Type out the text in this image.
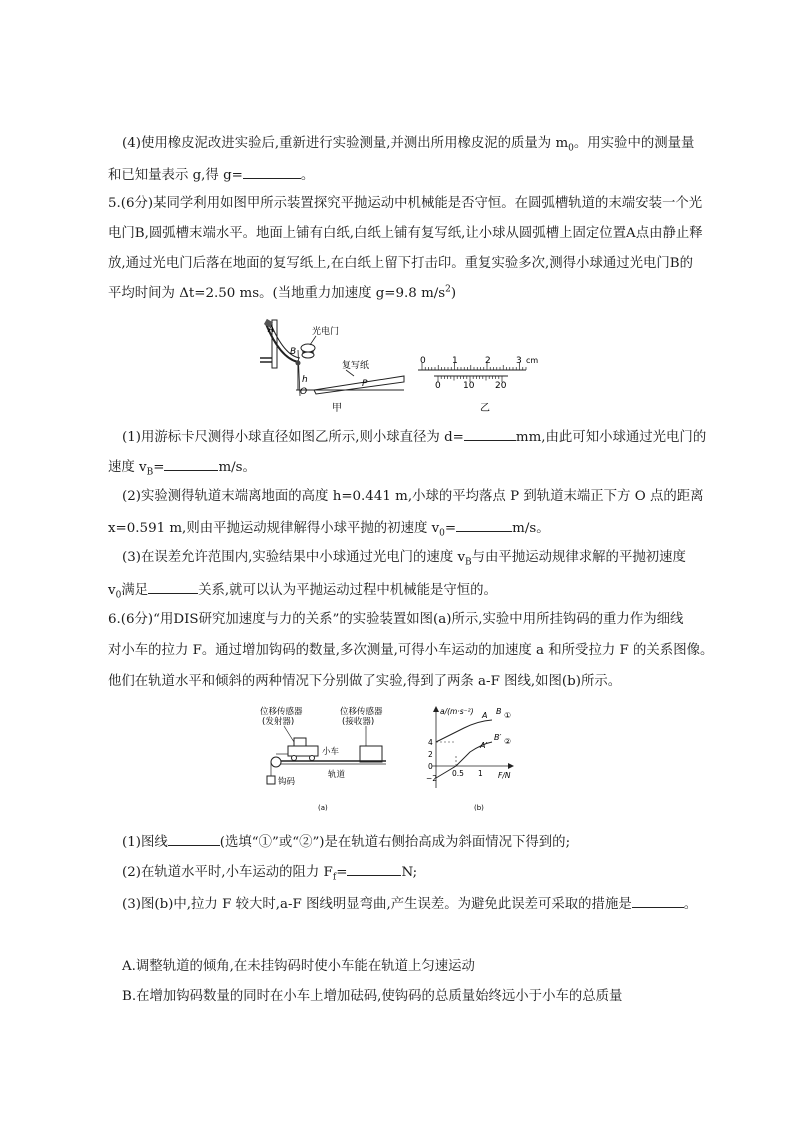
(4)使用橡皮泥改进实验后,重新进行实验测量,并测出所用橡皮泥的质量为 $m_0$。用实验中的测量量
和已知量表示 g,得 g=	。
5.(6分)某同学利用如图甲所示装置探究平抛运动中机械能是否守恒。在圆弧槽轨道的末端安装一个光
电门B,圆弧槽末端水平。地面上铺有白纸,白纸上铺有复写纸,让小球从圆弧槽上固定位置A点由静止释
放,通过光电门后落在地面的复写纸上,在白纸上留下打击印。重复实验多次,测得小球通过光电门B的
平均时间为 Δt=2.50 ms。(当地重力加速度 g=9.8 $m/s^2$)
A
B
h
O
P
光电门
复写纸
甲
0	1	2	3 cm
0 10 20
乙
(1)用游标卡尺测得小球直径如图乙所示,则小球直径为 d=	mm,由此可知小球通过光电门的
速度 $v_B=$	m/s。
(2)实验测得轨道末端离地面的高度 h=0.441 m,小球的平均落点 P 到轨道末端正下方 O 点的距离
x=0.591 m,则由平抛运动规律解得小球平抛的初速度 $v_0=$	m/s。
(3)在误差允许范围内,实验结果中小球通过光电门的速度 $v_B$与由平抛运动规律求解的平抛初速度
$v_0$满足	关系,就可以认为平抛运动过程中机械能是守恒的。
6.(6分)“用DIS研究加速度与力的关系”的实验装置如图(a)所示,实验中用所挂钩码的重力作为细线
对小车的拉力 F。通过增加钩码的数量,多次测量,可得小车运动的加速度 a 和所受拉力 F 的关系图像。
他们在轨道水平和倾斜的两种情况下分别做了实验,得到了两条 a-F 图线,如图(b)所示。
位移传感器
(发射器)
位移传感器
(接收器)
小车
轨道
钩码
(a)
a/(m·s⁻²)
F/N
4
2
0
−2
0.5 1
A B ①
A′
B′ ②
(b)
(1)图线	(选填“①”或“②”)是在轨道右侧抬高成为斜面情况下得到的;
(2)在轨道水平时,小车运动的阻力 $F_f=$	N;
(3)图(b)中,拉力 F 较大时,a-F 图线明显弯曲,产生误差。为避免此误差可采取的措施是	。
A.调整轨道的倾角,在未挂钩码时使小车能在轨道上匀速运动
B.在增加钩码数量的同时在小车上增加砝码,使钩码的总质量始终远小于小车的总质量
